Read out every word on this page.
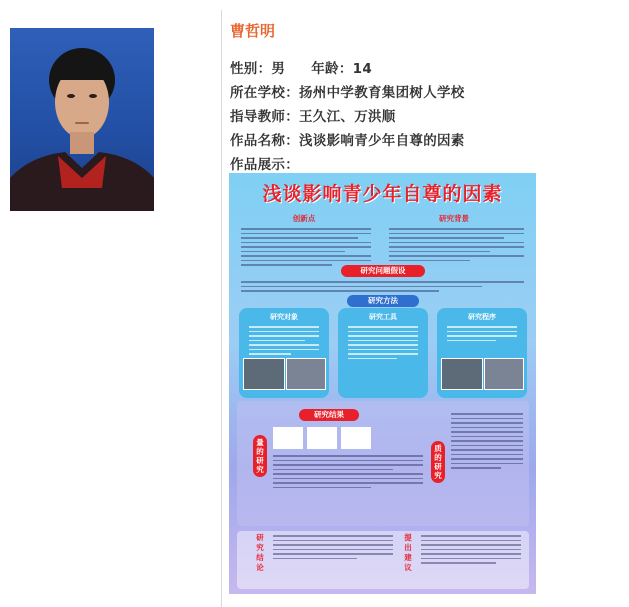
曹哲明
性别：男 年龄：14
所在学校：扬州中学教育集团树人学校
指导教师：王久江、万洪顺
作品名称：浅谈影响青少年自尊的因素
作品展示：
浅谈影响青少年自尊的因素
创新点	研究背景
研究问题假设
研究方法
研究对象	研究工具	研究程序
研究结果
量的研究
质的研究
研究结论
提出建议
